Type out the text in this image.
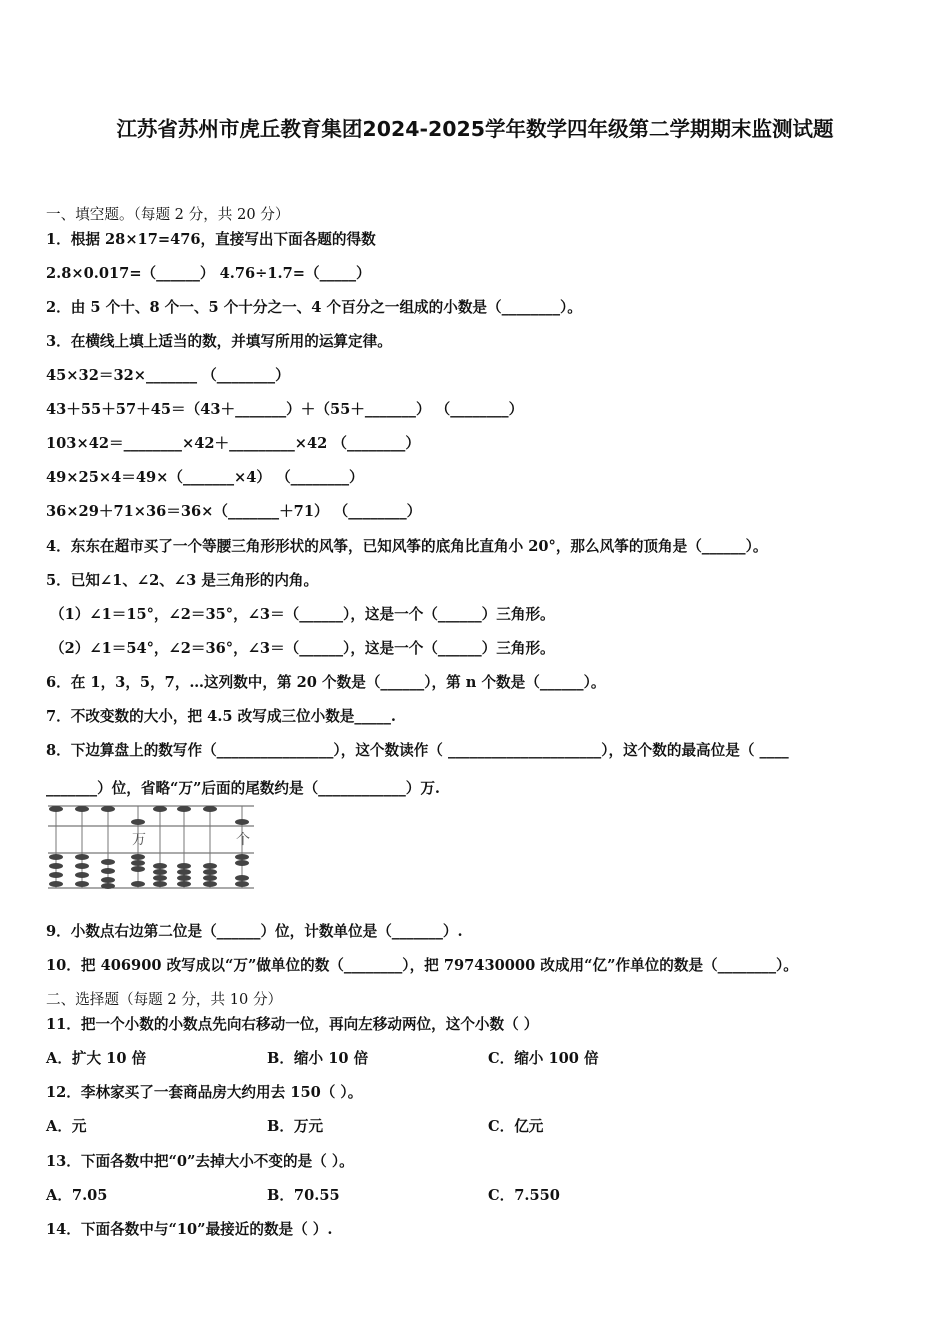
江苏省苏州市虎丘教育集团2024-2025学年数学四年级第二学期期末监测试题
一、填空题。（每题 2 分，共 20 分）
1．根据 28×17=476，直接写出下面各题的得数
2.8×0.017=（______） 4.76÷1.7=（_____）
2．由 5 个十、8 个一、5 个十分之一、4 个百分之一组成的小数是（________）。
3．在横线上填上适当的数，并填写所用的运算定律。
45×32＝32×_______ （________）
43＋55＋57＋45＝（43＋_______）＋（55＋_______） （________）
103×42＝________×42＋_________×42 （________）
49×25×4＝49×（_______×4） （________）
36×29＋71×36＝36×（_______＋71） （________）
4．东东在超市买了一个等腰三角形形状的风筝，已知风筝的底角比直角小 20°，那么风筝的顶角是（______）。
5．已知∠1、∠2、∠3 是三角形的内角。
（1）∠1＝15°，∠2＝35°，∠3＝（______），这是一个（______）三角形。
（2）∠1＝54°，∠2＝36°，∠3＝（______），这是一个（______）三角形。
6．在 1，3，5，7，…这列数中，第 20 个数是（______），第 n 个数是（______）。
7．不改变数的大小，把 4.5 改写成三位小数是_____.
8．下边算盘上的数写作（________________），这个数读作（ _____________________），这个数的最高位是（ ____
_______）位，省略“万”后面的尾数约是（____________）万.
万	个
9．小数点右边第二位是（______）位，计数单位是（_______）.
10．把 406900 改写成以“万”做单位的数（________），把 797430000 改成用“亿”作单位的数是（________）。
二、选择题（每题 2 分，共 10 分）
11．把一个小数的小数点先向右移动一位，再向左移动两位，这个小数（ ）
A．扩大 10 倍	B．缩小 10 倍	C．缩小 100 倍
12．李林家买了一套商品房大约用去 150（ ）。
A．元	B．万元	C．亿元
13．下面各数中把“0”去掉大小不变的是（ ）。
A．7.05	B．70.55	C．7.550
14．下面各数中与“10”最接近的数是（ ）.
